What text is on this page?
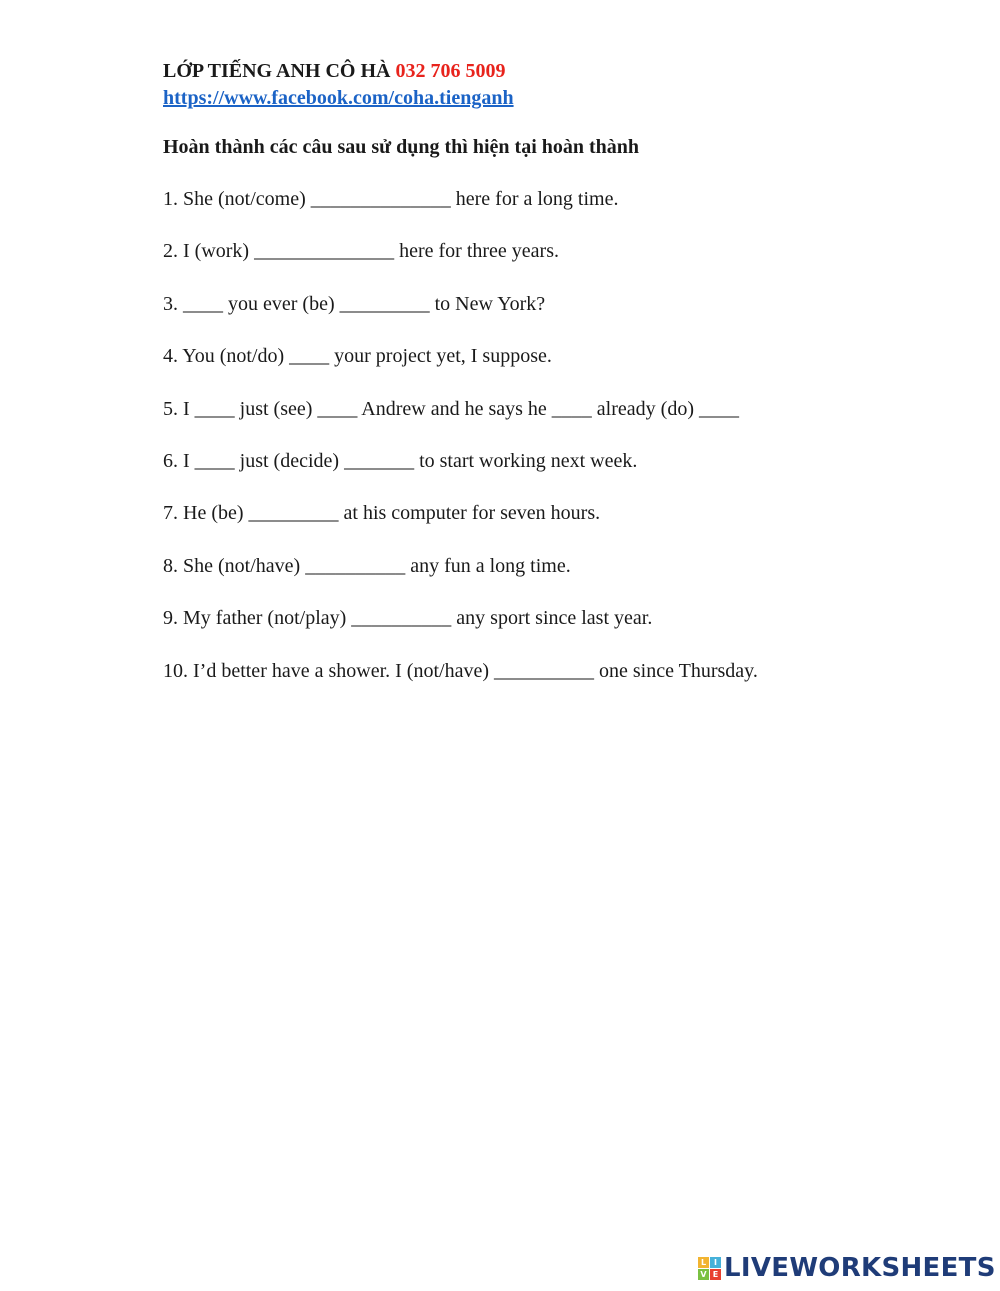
LỚP TIẾNG ANH CÔ HÀ 032 706 5009
https://www.facebook.com/coha.tienganh
Hoàn thành các câu sau sử dụng thì hiện tại hoàn thành
1. She (not/come) ______________ here for a long time.
2. I (work) ______________ here for three years.
3. ____ you ever (be) _________ to New York?
4. You (not/do) ____ your project yet, I suppose.
5. I ____ just (see) ____ Andrew and he says he ____ already (do) ____
6. I ____ just (decide) _______ to start working next week.
7. He (be) _________ at his computer for seven hours.
8. She (not/have) __________ any fun a long time.
9. My father (not/play) __________ any sport since last year.
10. I’d better have a shower. I (not/have) __________ one since Thursday.
L I
V E LIVEWORKSHEETS
